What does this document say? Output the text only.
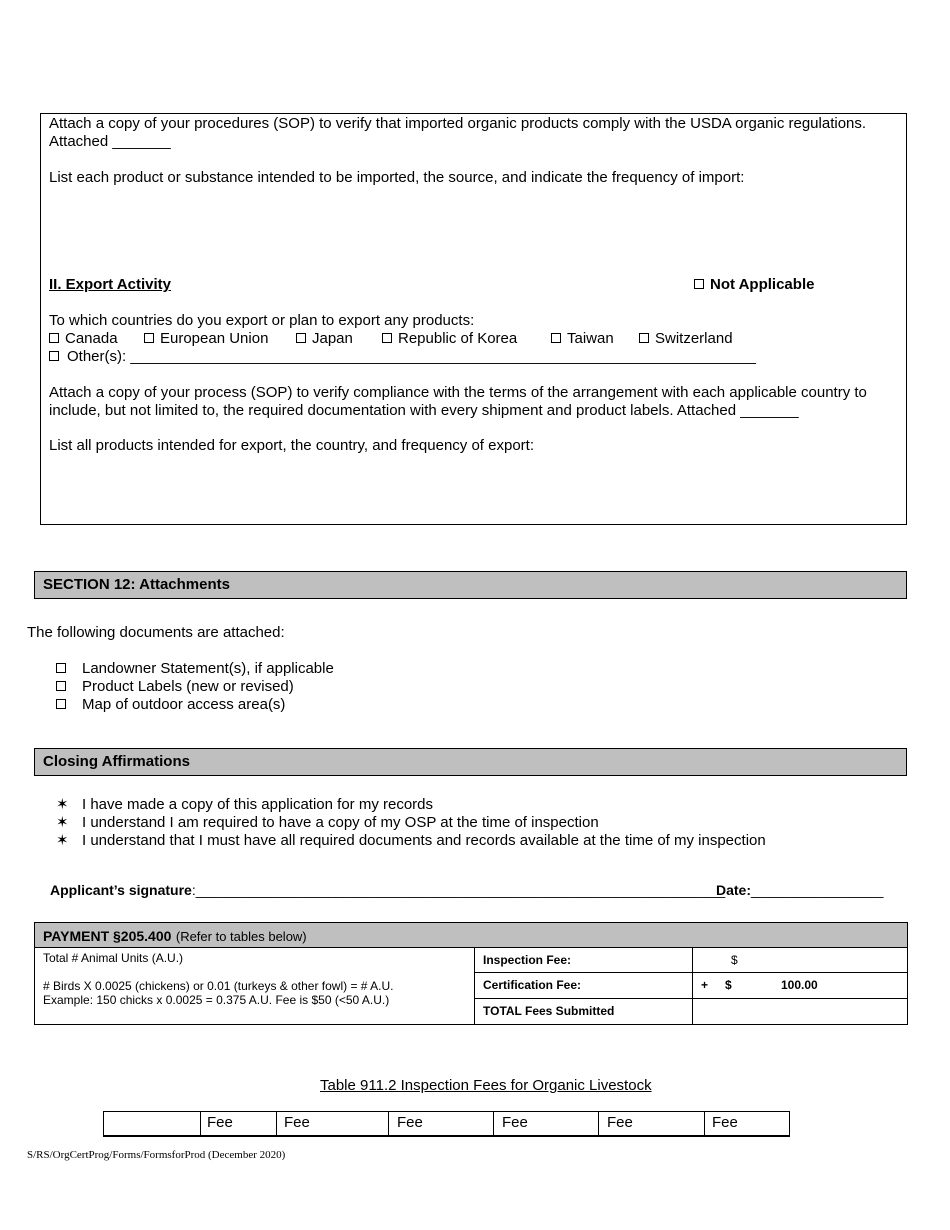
Attach a copy of your procedures (SOP) to verify that imported organic products comply with the USDA organic regulations.
Attached _______
List each product or substance intended to be imported, the source, and indicate the frequency of import:
II. Export Activity	Not Applicable
To which countries do you export or plan to export any products:
Canada	European Union	Japan	Republic of Korea	Taiwan	Switzerland
Other(s): ___________________________________________________________________________
Attach a copy of your process (SOP) to verify compliance with the terms of the arrangement with each applicable country to
include, but not limited to, the required documentation with every shipment and product labels. Attached _______
List all products intended for export, the country, and frequency of export:
SECTION 12: Attachments
The following documents are attached:
Landowner Statement(s), if applicable
Product Labels (new or revised)
Map of outdoor access area(s)
Closing Affirmations
✶ I have made a copy of this application for my records
✶ I understand I am required to have a copy of my OSP at the time of inspection
✶ I understand that I must have all required documents and records available at the time of my inspection
Applicant’s signature:____________________________________________________________________
Date:_________________
PAYMENT §205.400 (Refer to tables below)
Total # Animal Units (A.U.)
# Birds X 0.0025 (chickens) or 0.01 (turkeys & other fowl) = # A.U.
Example: 150 chicks x 0.0025 = 0.375 A.U. Fee is $50 (<50 A.U.)
Inspection Fee:	$
Certification Fee:	+ $	100.00
TOTAL Fees Submitted
Table 911.2 Inspection Fees for Organic Livestock
Fee	Fee	Fee	Fee	Fee	Fee
S/RS/OrgCertProg/Forms/FormsforProd (December 2020)
